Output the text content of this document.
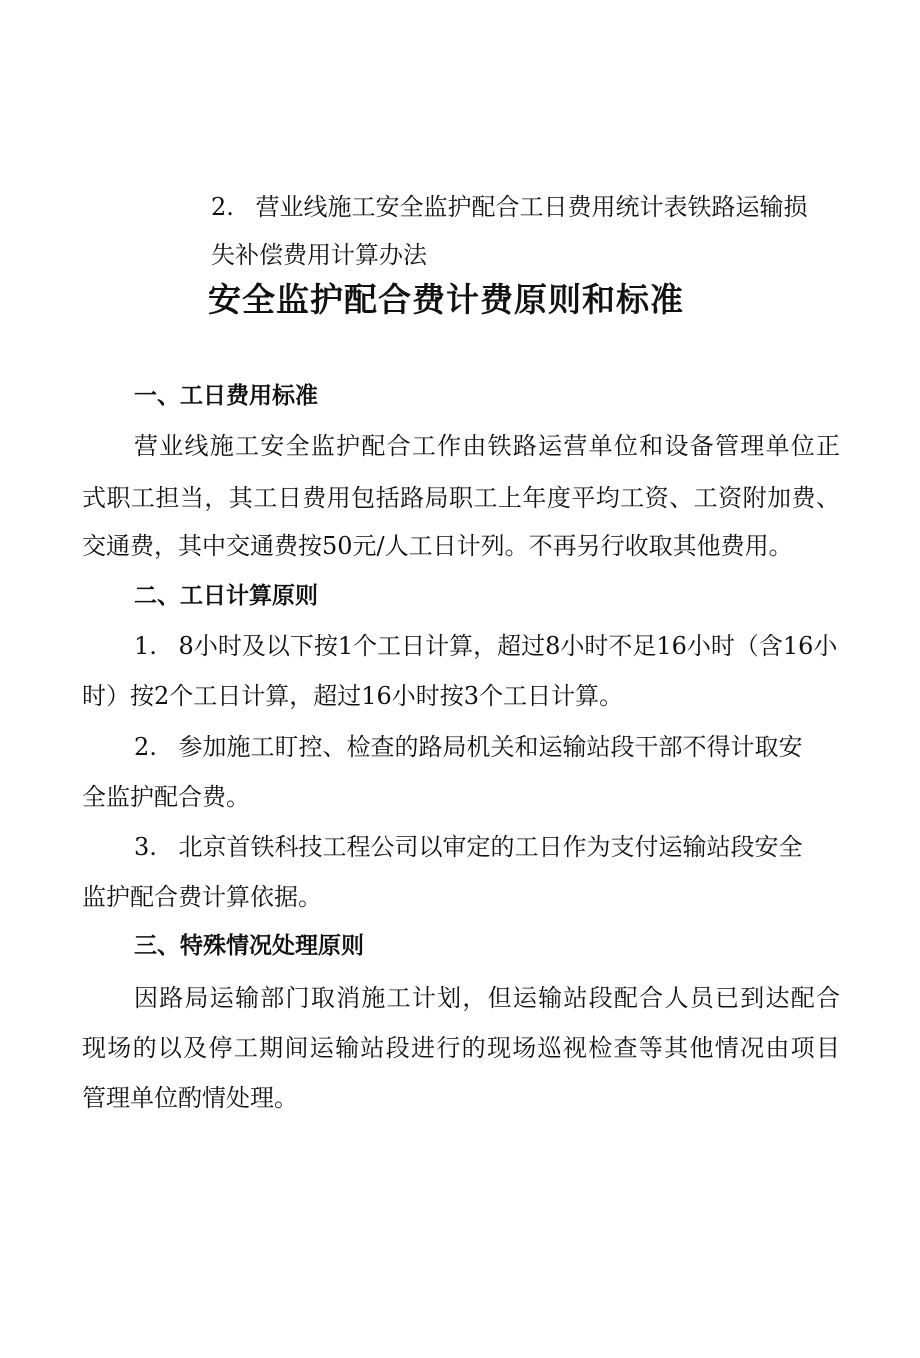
2. 营业线施工安全监护配合工日费用统计表铁路运输损
失补偿费用计算办法
安全监护配合费计费原则和标准
一、工日费用标准
营业线施工安全监护配合工作由铁路运营单位和设备管理单位正
式职工担当，其工日费用包括路局职工上年度平均工资、工资附加费、
交通费，其中交通费按50元/人工日计列。不再另行收取其他费用。
二、工日计算原则
1. 8小时及以下按1个工日计算，超过8小时不足16小时（含16小
时）按2个工日计算，超过16小时按3个工日计算。
2. 参加施工盯控、检查的路局机关和运输站段干部不得计取安
全监护配合费。
3. 北京首铁科技工程公司以审定的工日作为支付运输站段安全
监护配合费计算依据。
三、特殊情况处理原则
因路局运输部门取消施工计划，但运输站段配合人员已到达配合
现场的以及停工期间运输站段进行的现场巡视检查等其他情况由项目
管理单位酌情处理。
